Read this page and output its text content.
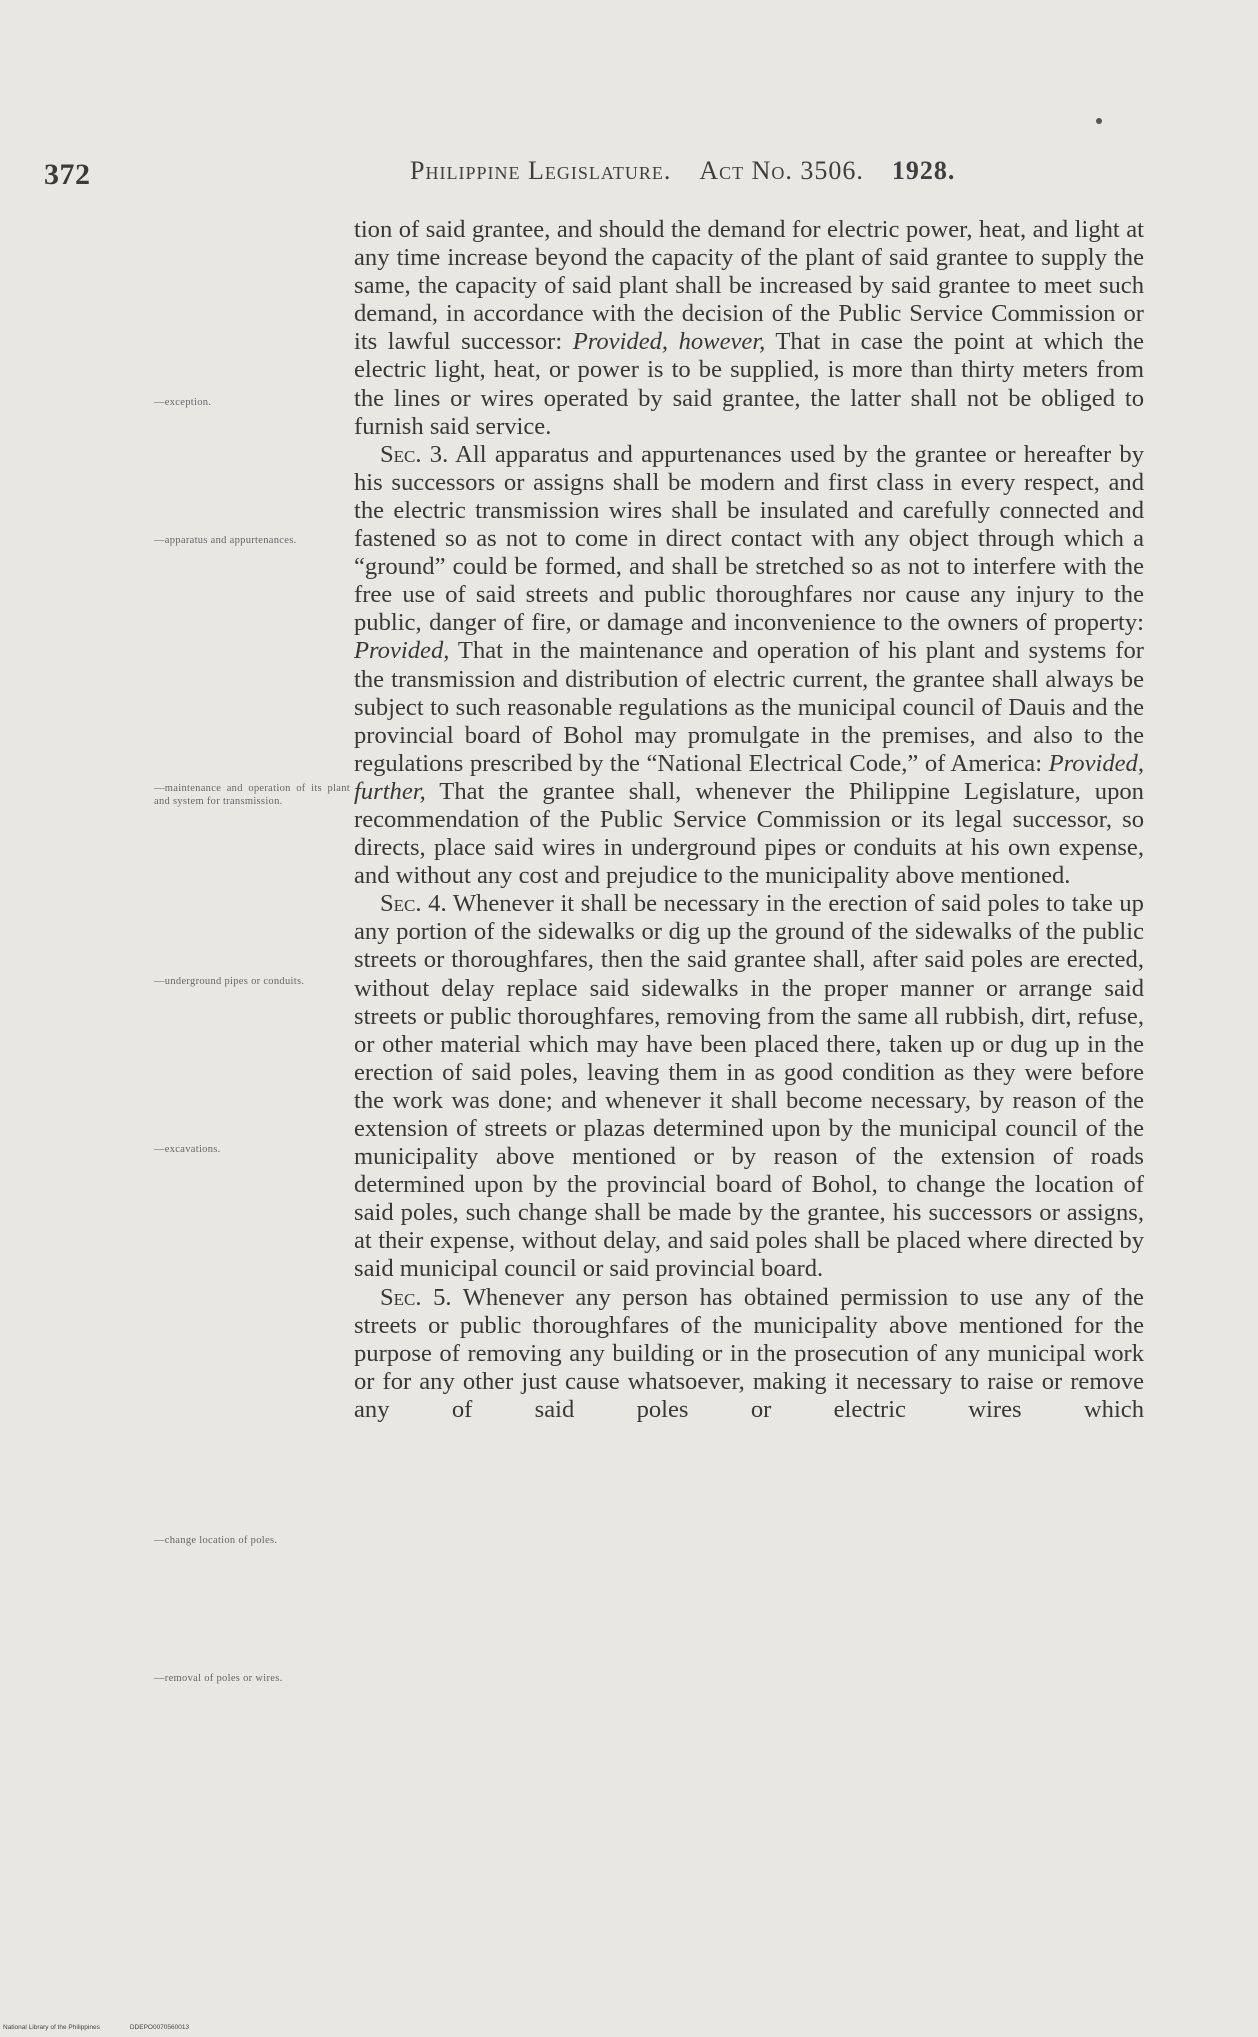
372	Philippine Legislature. Act No. 3506. 1928.
—exception.
—apparatus and appurtenances.
—maintenance and operation of its plant and system for transmission.
—underground pipes or conduits.
—excavations.
—change location of poles.
—removal of poles or wires.

tion of said grantee, and should the demand for electric power, heat, and light at any time increase beyond the capacity of the plant of said grantee to supply the same, the capacity of said plant shall be increased by said grantee to meet such demand, in accordance with the decision of the Public Service Commission or its lawful successor: Provided, however, That in case the point at which the electric light, heat, or power is to be supplied, is more than thirty meters from the lines or wires operated by said grantee, the latter shall not be obliged to furnish said service.

Sec. 3. All apparatus and appurtenances used by the grantee or hereafter by his successors or assigns shall be modern and first class in every respect, and the electric transmission wires shall be insulated and carefully connected and fastened so as not to come in direct contact with any object through which a “ground” could be formed, and shall be stretched so as not to interfere with the free use of said streets and public thoroughfares nor cause any injury to the public, danger of fire, or damage and inconvenience to the owners of property: Provided, That in the maintenance and operation of his plant and systems for the transmission and distribution of electric current, the grantee shall always be subject to such reasonable regulations as the municipal council of Dauis and the provincial board of Bohol may promulgate in the premises, and also to the regulations prescribed by the “National Electrical Code,” of America: Provided, further, That the grantee shall, whenever the Philippine Legislature, upon recommendation of the Public Service Commission or its legal successor, so directs, place said wires in underground pipes or conduits at his own expense, and without any cost and prejudice to the municipality above mentioned.

Sec. 4. Whenever it shall be necessary in the erection of said poles to take up any portion of the sidewalks or dig up the ground of the sidewalks of the public streets or thoroughfares, then the said grantee shall, after said poles are erected, without delay replace said sidewalks in the proper manner or arrange said streets or public thoroughfares, removing from the same all rubbish, dirt, refuse, or other material which may have been placed there, taken up or dug up in the erection of said poles, leaving them in as good condition as they were before the work was done; and whenever it shall become necessary, by reason of the extension of streets or plazas determined upon by the municipal council of the municipality above mentioned or by reason of the extension of roads determined upon by the provincial board of Bohol, to change the location of said poles, such change shall be made by the grantee, his successors or assigns, at their expense, without delay, and said poles shall be placed where directed by said municipal council or said provincial board.

Sec. 5. Whenever any person has obtained permission to use any of the streets or public thoroughfares of the municipality above mentioned for the purpose of removing any building or in the prosecution of any municipal work or for any other just cause whatsoever, making it necessary to raise or remove any of said poles or electric wires which

National Library of the Philippines	DDEPO0070560013
